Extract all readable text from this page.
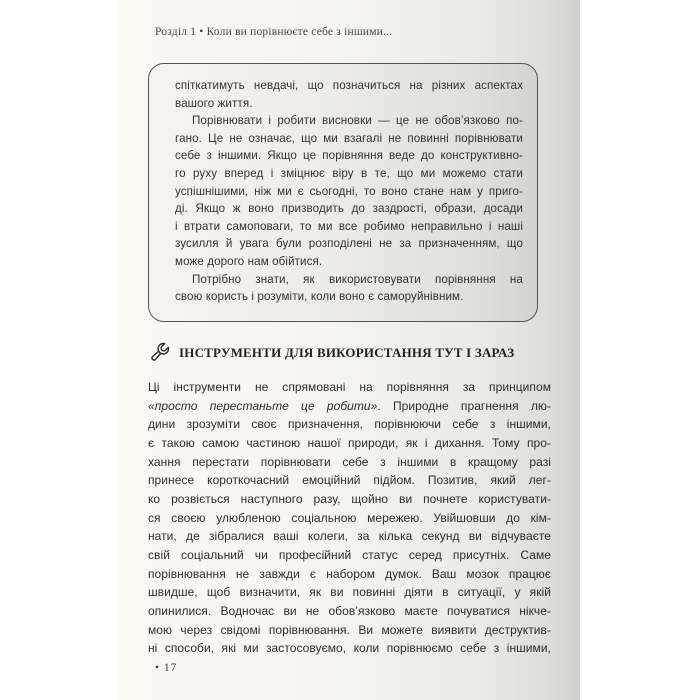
Розділ 1 • Коли ви порівнюєте себе з іншими...
спіткатимуть невдачі, що позначиться на різних аспектах
вашого життя.
Порівнювати і робити висновки — це не обов’язково по-
гано. Це не означає, що ми взагалі не повинні порівнювати
себе з іншими. Якщо це порівняння веде до конструктивно-
го руху вперед і зміцнює віру в те, що ми можемо стати
успішнішими, ніж ми є сьогодні, то воно стане нам у приго-
ді. Якщо ж воно призводить до заздрості, образи, досади
і втрати самоповаги, то ми все робимо неправильно і наші
зусилля й увага були розподілені не за призначенням, що
може дорого нам обійтися.
Потрібно знати, як використовувати порівняння на
свою користь і розуміти, коли воно є саморуйнівним.
ІНСТРУМЕНТИ ДЛЯ ВИКОРИСТАННЯ ТУТ І ЗАРАЗ
Ці інструменти не спрямовані на порівняння за принципом
«просто перестаньте це робити». Природне прагнення лю-
дини зрозуміти своє призначення, порівнюючи себе з іншими,
є такою самою частиною нашої природи, як і дихання. Тому про-
хання перестати порівнювати себе з іншими в кращому разі
принесе короткочасний емоційний підйом. Позитив, який лег-
ко розвіється наступного разу, щойно ви почнете користувати-
ся своєю улюбленою соціальною мережею. Увійшовши до кім-
нати, де зібралися ваші колеги, за кілька секунд ви відчуваєте
свій соціальний чи професійний статус серед присутніх. Саме
порівнювання не завжди є набором думок. Ваш мозок працює
швидше, щоб визначити, як ви повинні діяти в ситуації, у якій
опинилися. Водночас ви не обов’язково маєте почуватися нікче-
мою через свідомі порівнювання. Ви можете виявити деструктив-
ні способи, які ми застосовуємо, коли порівнюємо себе з іншими,
• 17
